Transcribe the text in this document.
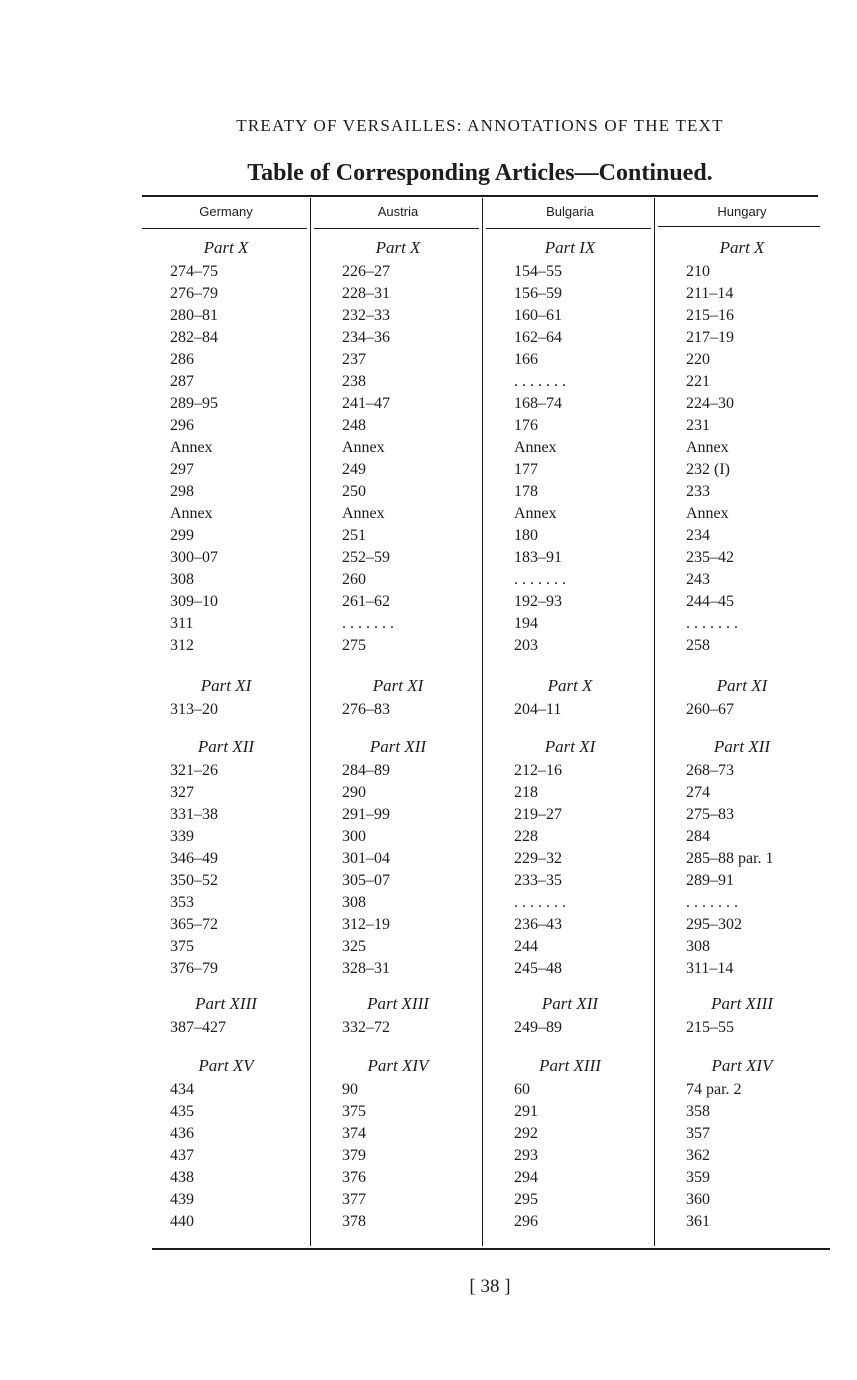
TREATY OF VERSAILLES: ANNOTATIONS OF THE TEXT
Table of Corresponding Articles—Continued.
Germany
Part X
274–75
276–79
280–81
282–84
286
287
289–95
296
Annex
297
298
Annex
299
300–07
308
309–10
311
312
Part XI
313–20
Part XII
321–26
327
331–38
339
346–49
350–52
353
365–72
375
376–79
Part XIII
387–427
Part XV
434
435
436
437
438
439
440
Austria
Part X
226–27
228–31
232–33
234–36
237
238
241–47
248
Annex
249
250
Annex
251
252–59
260
261–62
. . . . . . .
275
Part XI
276–83
Part XII
284–89
290
291–99
300
301–04
305–07
308
312–19
325
328–31
Part XIII
332–72
Part XIV
90
375
374
379
376
377
378
Bulgaria
Part IX
154–55
156–59
160–61
162–64
166
. . . . . . .
168–74
176
Annex
177
178
Annex
180
183–91
. . . . . . .
192–93
194
203
Part X
204–11
Part XI
212–16
218
219–27
228
229–32
233–35
. . . . . . .
236–43
244
245–48
Part XII
249–89
Part XIII
60
291
292
293
294
295
296
Hungary
Part X
210
211–14
215–16
217–19
220
221
224–30
231
Annex
232 (I)
233
Annex
234
235–42
243
244–45
. . . . . . .
258
Part XI
260–67
Part XII
268–73
274
275–83
284
285–88 par. 1
289–91
. . . . . . .
295–302
308
311–14
Part XIII
215–55
Part XIV
74 par. 2
358
357
362
359
360
361
[ 38 ]
